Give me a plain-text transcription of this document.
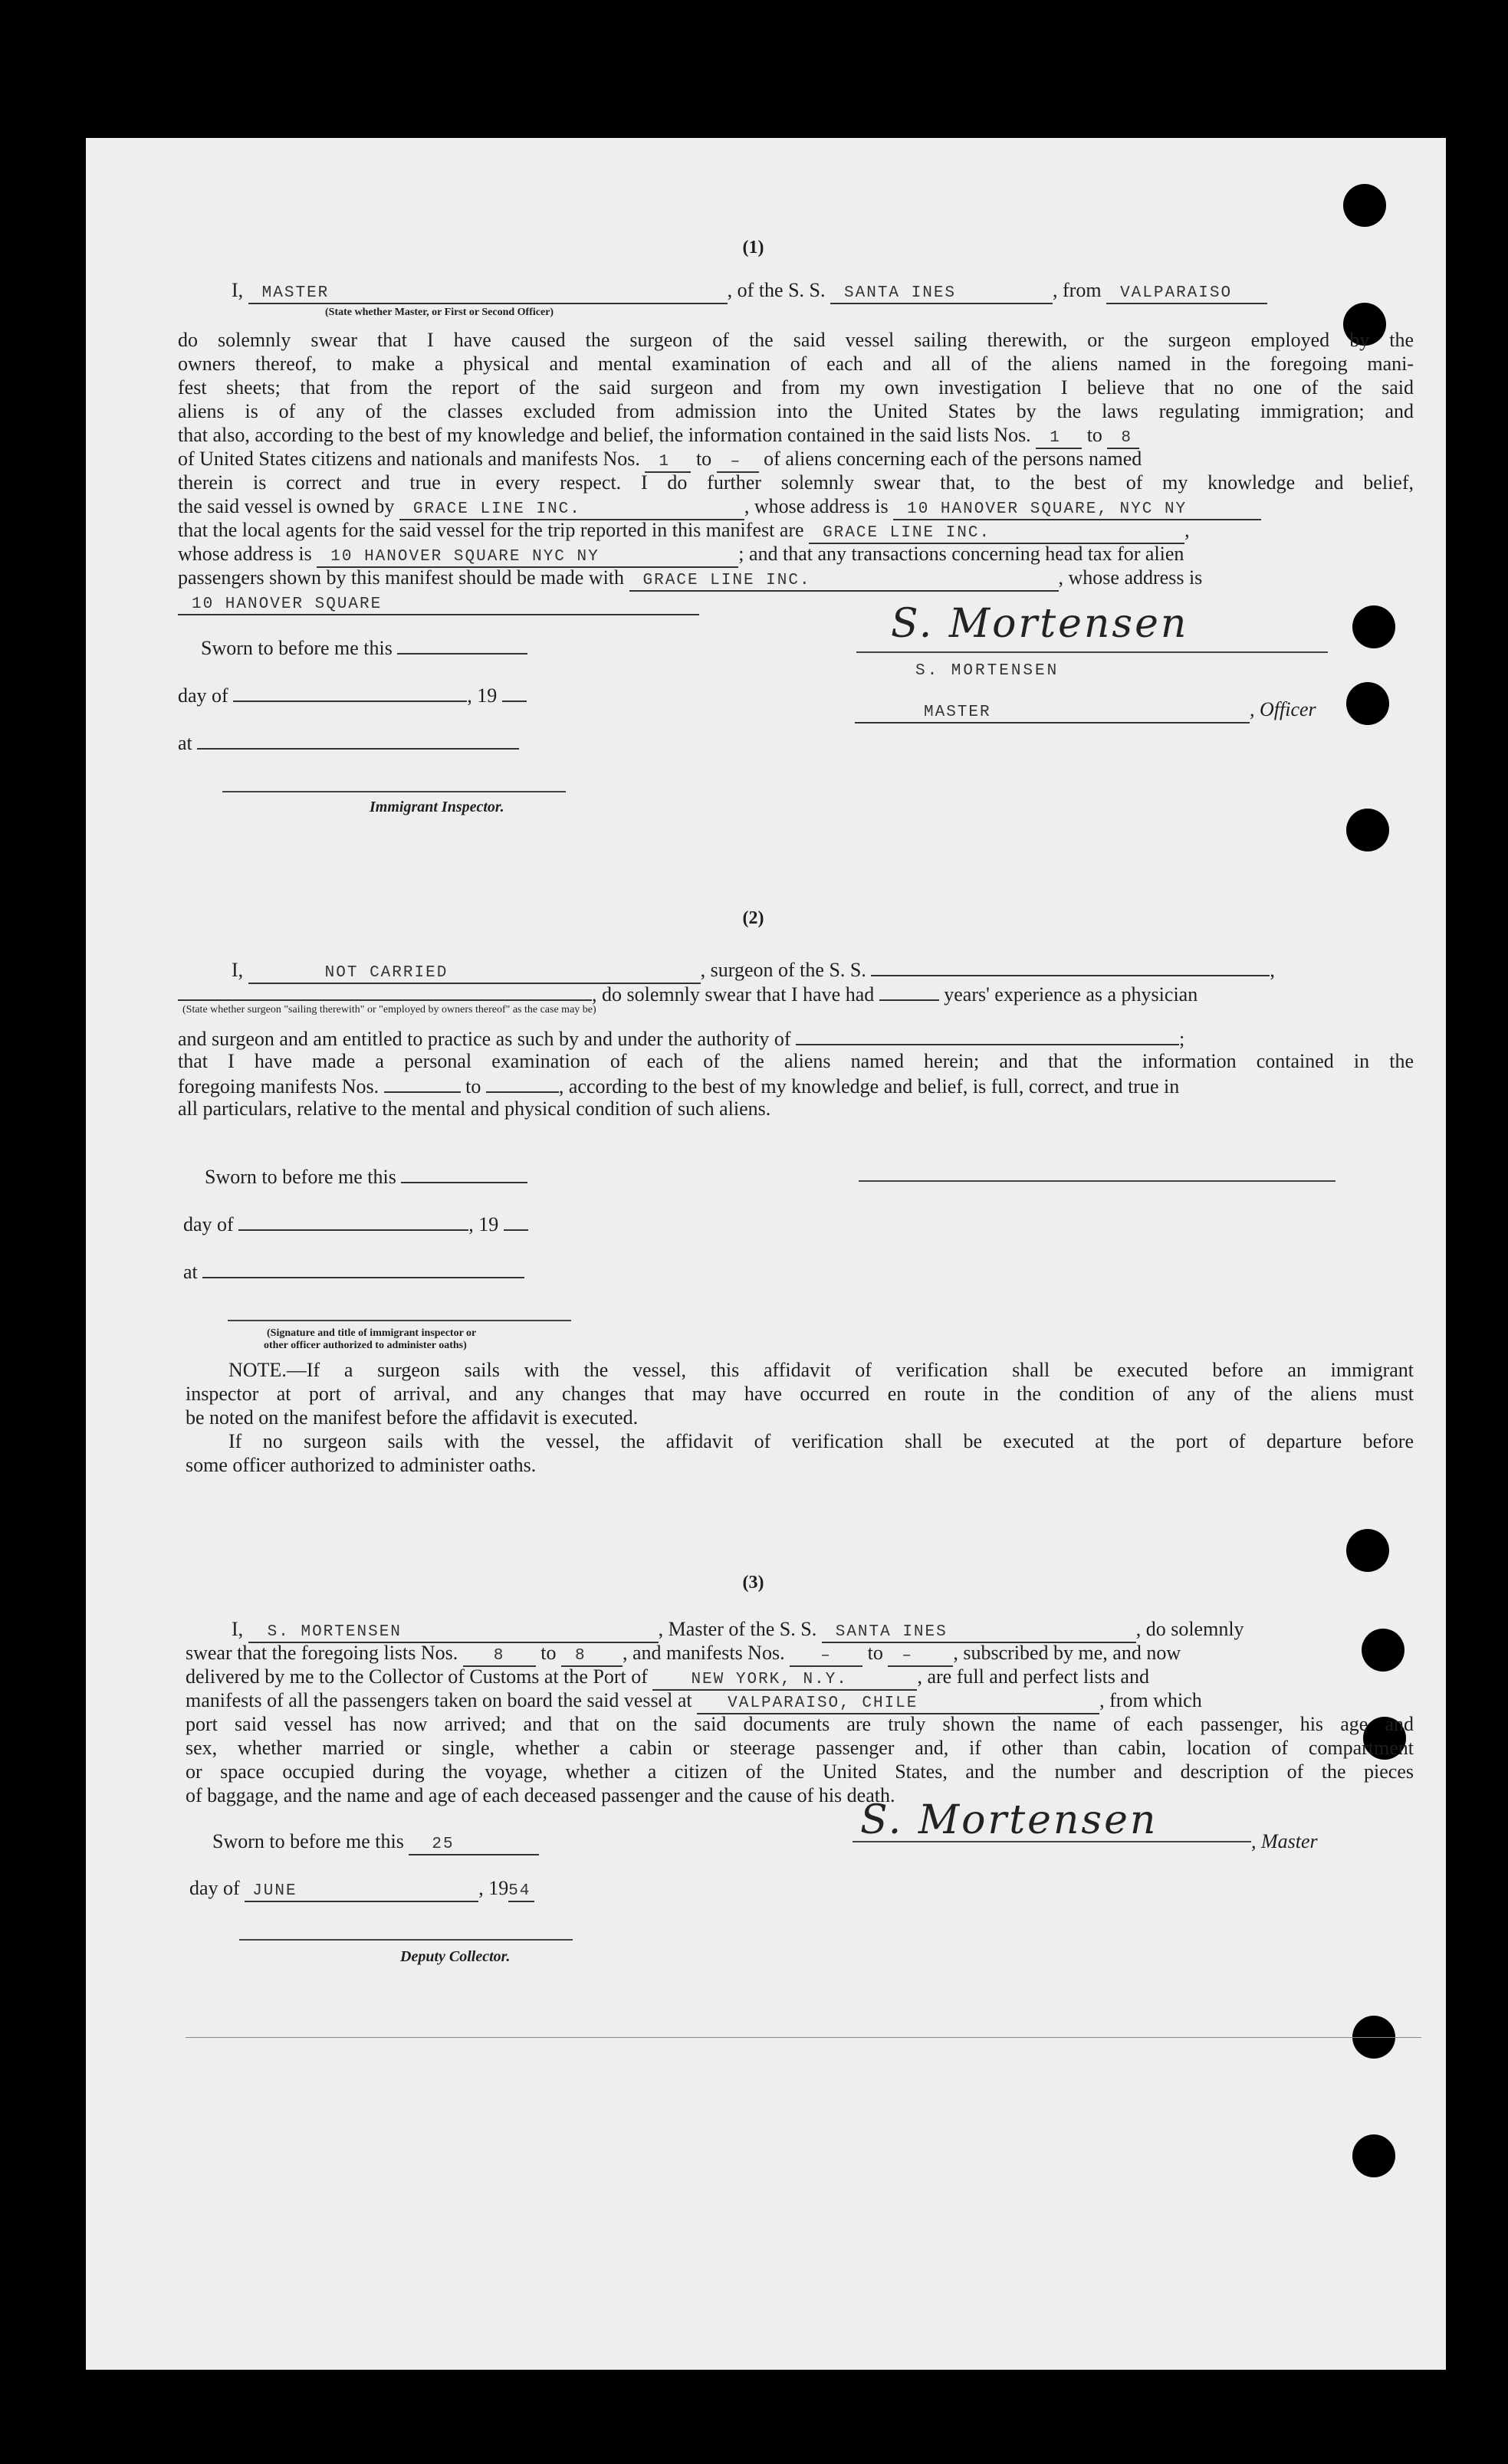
(1)
I, MASTER	, of the S. S. SANTA INES	, from VALPARAISO
(State whether Master, or First or Second Officer)
do solemnly swear that I have caused the surgeon of the said vessel sailing therewith, or the surgeon employed by the
owners thereof, to make a physical and mental examination of each and all of the aliens named in the foregoing mani-
fest sheets; that from the report of the said surgeon and from my own investigation I believe that no one of the said
aliens is of any of the classes excluded from admission into the United States by the laws regulating immigration; and
that also, according to the best of my knowledge and belief, the information contained in the said lists Nos. 1 to 8
of United States citizens and nationals and manifests Nos. 1 to – of aliens concerning each of the persons named
therein is correct and true in every respect. I do further solemnly swear that, to the best of my knowledge and belief,
the said vessel is owned by GRACE LINE INC.	, whose address is 10 HANOVER SQUARE, NYC NY
that the local agents for the said vessel for the trip reported in this manifest are GRACE LINE INC.	,
whose address is 10 HANOVER SQUARE NYC NY	; and that any transactions concerning head tax for alien
passengers shown by this manifest should be made with GRACE LINE INC.	, whose address is
10 HANOVER SQUARE
Sworn to before me this
day of	, 19
at
Immigrant Inspector.
S. Mortensen
S. MORTENSEN
MASTER	, Officer
(2)
I,	NOT CARRIED	, surgeon of the S. S.	,
, do solemnly swear that I have had	years' experience as a physician
(State whether surgeon "sailing therewith" or "employed by owners thereof" as the case may be)
and surgeon and am entitled to practice as such by and under the authority of	;
that I have made a personal examination of each of the aliens named herein; and that the information contained in the
foregoing manifests Nos.	to	, according to the best of my knowledge and belief, is full, correct, and true in
all particulars, relative to the mental and physical condition of such aliens.
Sworn to before me this
day of	, 19
at
(Signature and title of immigrant inspector or
other officer authorized to administer oaths)
NOTE.—If a surgeon sails with the vessel, this affidavit of verification shall be executed before an immigrant
inspector at port of arrival, and any changes that may have occurred en route in the condition of any of the aliens must
be noted on the manifest before the affidavit is executed.
If no surgeon sails with the vessel, the affidavit of verification shall be executed at the port of departure before
some officer authorized to administer oaths.
(3)
I, S. MORTENSEN	, Master of the S. S. SANTA INES	, do solemnly
swear that the foregoing lists Nos. 8 to 8 , and manifests Nos. – to – , subscribed by me, and now
delivered by me to the Collector of Customs at the Port of	NEW YORK, N.Y.	, are full and perfect lists and
manifests of all the passengers taken on board the said vessel at VALPARAISO, CHILE	, from which
port said vessel has now arrived; and that on the said documents are truly shown the name of each passenger, his age and
sex, whether married or single, whether a cabin or steerage passenger and, if other than cabin, location of compartment
or space occupied during the voyage, whether a citizen of the United States, and the number and description of the pieces
of baggage, and the name and age of each deceased passenger and the cause of his death.
Sworn to before me this 25
day of JUNE	, 1954
Deputy Collector.
S. Mortensen	, Master
